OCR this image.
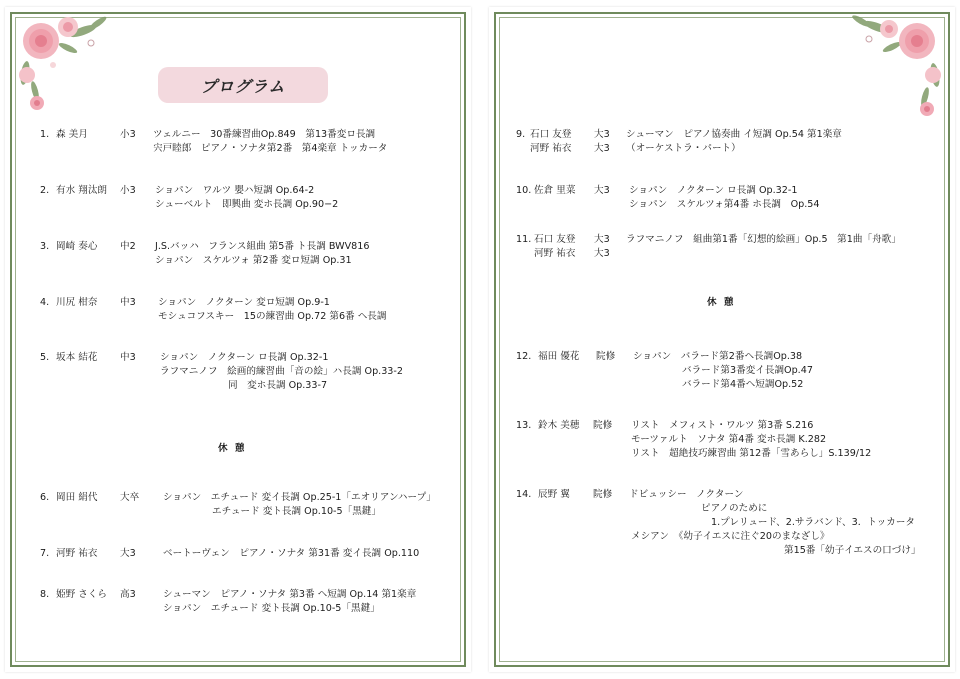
プログラム
1. 森 美月	小3 ツェルニー　30番練習曲Op.849　第13番変ロ長調
宍戸睦郎　ピアノ・ソナタ第2番　第4楽章 トッカータ
2. 有水 翔汰朗 小3 ショパン　ワルツ 嬰ハ短調 Op.64-2
シューベルト　即興曲 変ホ長調 Op.90−2
3. 岡崎 奏心 中2 J.S.バッハ　フランス組曲 第5番 ト長調 BWV816
ショパン　スケルツォ 第2番 変ロ短調 Op.31
4. 川尻 柑奈 中3 ショパン　ノクターン 変ロ短調 Op.9-1
モシュコフスキー　15の練習曲 Op.72 第6番 ヘ長調
5. 坂本 結花 中3	ショパン　ノクターン ロ長調 Op.32-1
ラフマニノフ　絵画的練習曲「音の絵」ハ長調 Op.33-2
同　変ホ長調 Op.33-7
休 憩
6. 岡田 絹代 大卒 ショパン　エチュード 変イ長調 Op.25-1「エオリアンハープ」
エチュード 変ト長調 Op.10-5「黒鍵」
7. 河野 祐衣 大3	ベートーヴェン　ピアノ・ソナタ 第31番 変イ長調 Op.110
8. 姫野 さくら 高3	シューマン　ピアノ・ソナタ 第3番 ヘ短調 Op.14 第1楽章
ショパン　エチュード 変ト長調 Op.10-5「黒鍵」
9. 石口 友登 大3 シューマン　ピアノ協奏曲 イ短調 Op.54 第1楽章
河野 祐衣 大3 （オーケストラ・パート）
10. 佐倉 里菜 大3 ショパン　ノクターン ロ長調 Op.32-1
ショパン　スケルツォ第4番 ホ長調　Op.54
11. 石口 友登 大3 ラフマニノフ　組曲第1番「幻想的絵画」Op.5　第1曲「舟歌」
河野 祐衣 大3
休 憩
12. 福田 優花 院修 ショパン　バラード第2番ヘ長調Op.38
バラード第3番変イ長調Op.47
バラード第4番ヘ短調Op.52
13. 鈴木 美穂 院修 リスト　メフィスト・ワルツ 第3番 S.216
モーツァルト　ソナタ 第4番 変ホ長調 K.282
リスト　超絶技巧練習曲 第12番「雪あらし」S.139/12
14. 辰野 翼 院修 ドビュッシー　ノクターン
ピアノのために
1.プレリュード、2.サラバンド、3．トッカータ
メシアン　《幼子イエスに注ぐ20のまなざし》
第15番「幼子イエスの口づけ」
